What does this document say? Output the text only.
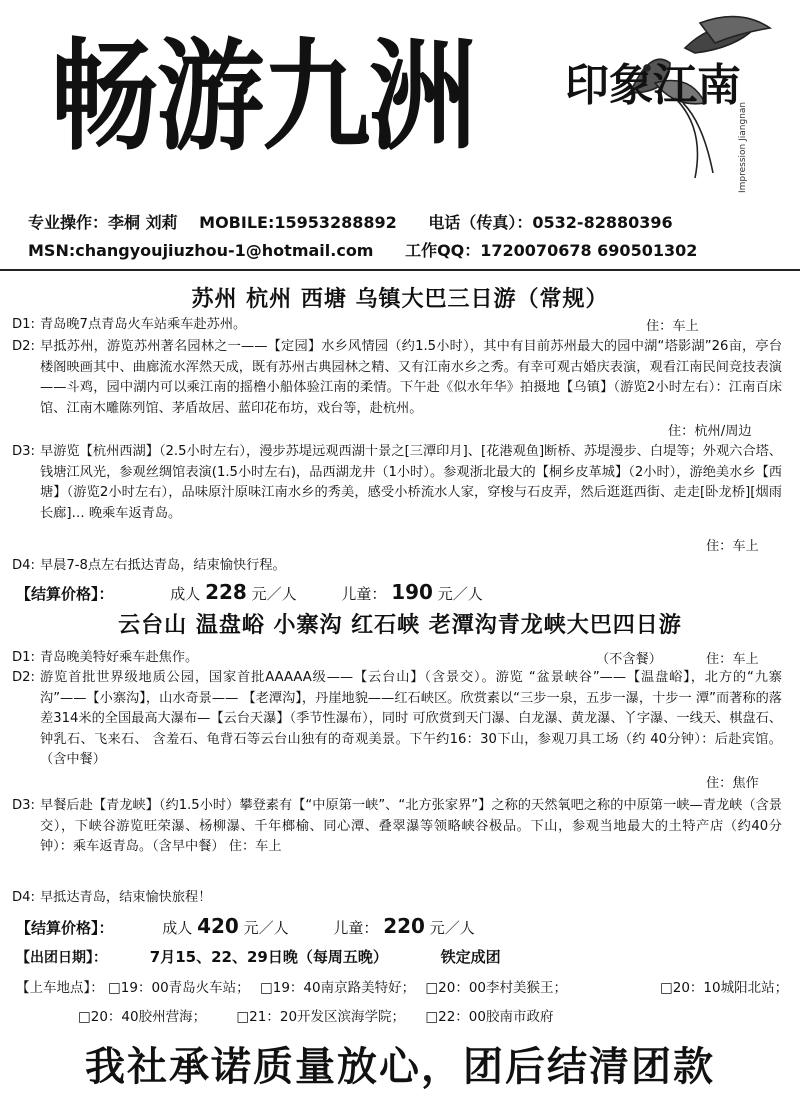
畅游九洲 印象江南
Impression Jiangnan
专业操作：李桐 刘莉 MOBILE:15953288892 电话（传真）：0532-82880396
MSN:changyoujiuzhou-1@hotmail.com 工作QQ：1720070678 690501302
苏州 杭州 西塘 乌镇大巴三日游（常规）
D1: 青岛晚7点青岛火车站乘车赴苏州。	住：车上
D2: 早抵苏州，游览苏州著名园林之一——【定园】水乡风情园（约1.5小时），其中有目前苏州最大的园中湖“塔影湖”26亩，亭台楼阁映画其中、曲廊流水浑然天成，既有苏州古典园林之精、又有江南水乡之秀。有幸可观古婚庆表演，观看江南民间竞技表演——斗鸡，园中湖内可以乘江南的摇橹小船体验江南的柔情。下午赴《似水年华》拍摄地【乌镇】（游览2小时左右）：江南百床馆、江南木雕陈列馆、茅盾故居、蓝印花布坊，戏台等，赴杭州。
住：杭州/周边
D3: 早游览【杭州西湖】（2.5小时左右），漫步苏堤远观西湖十景之[三潭印月]、[花港观鱼]断桥、苏堤漫步、白堤等；外观六合塔、钱塘江风光，参观丝绸馆表演(1.5小时左右)，品西湖龙井（1小时）。参观浙北最大的【桐乡皮革城】（2小时），游绝美水乡【西塘】（游览2小时左右），品味原汁原味江南水乡的秀美，感受小桥流水人家，穿梭与石皮弄，然后逛逛西街、走走[卧龙桥][烟雨长廊]… 晚乘车返青岛。
住：车上
D4: 早晨7-8点左右抵达青岛，结束愉快行程。
【结算价格】：	成人 228 元／人	儿童： 190 元／人
云台山 温盘峪 小寨沟 红石峡 老潭沟青龙峡大巴四日游
D1: 青岛晚美特好乘车赴焦作。	（不含餐）	住：车上
D2: 游览首批世界级地质公园，国家首批AAAAA级——【云台山】（含景交）。游览 “盆景峡谷”——【温盘峪】，北方的“九寨沟”——【小寨沟】，山水奇景—— 【老潭沟】，丹崖地貌——红石峡区。欣赏素以“三步一泉，五步一瀑，十步一 潭”而著称的落差314米的全国最高大瀑布—【云台天瀑】（季节性瀑布），同时 可欣赏到天门瀑、白龙瀑、黄龙瀑、丫字瀑、一线天、棋盘石、钟乳石、飞来石、 含羞石、龟背石等云台山独有的奇观美景。下午约16：30下山，参观刀具工场（约 40分钟）：后赴宾馆。（含中餐）
住：焦作
D3: 早餐后赴【青龙峡】（约1.5小时）攀登素有【“中原第一峡”、“北方张家界”】之称的天然氧吧之称的中原第一峡—青龙峡（含景交），下峡谷游览旺荣瀑、杨柳瀑、千年榔榆、同心潭、叠翠瀑等领略峡谷极品。下山，参观当地最大的土特产店（约40分钟）：乘车返青岛。（含早中餐） 住：车上
D4: 早抵达青岛，结束愉快旅程！
【结算价格】：	成人 420 元／人	儿童： 220 元／人
【出团日期】：	7月15、22、29日晚（每周五晚）	铁定成团
【上车地点】： □19：00青岛火车站； □19：40南京路美特好； □20：00李村美猴王；	□20：10城阳北站；
□20：40胶州营海； □21：20开发区滨海学院； □22：00胶南市政府
我社承诺质量放心，团后结清团款
